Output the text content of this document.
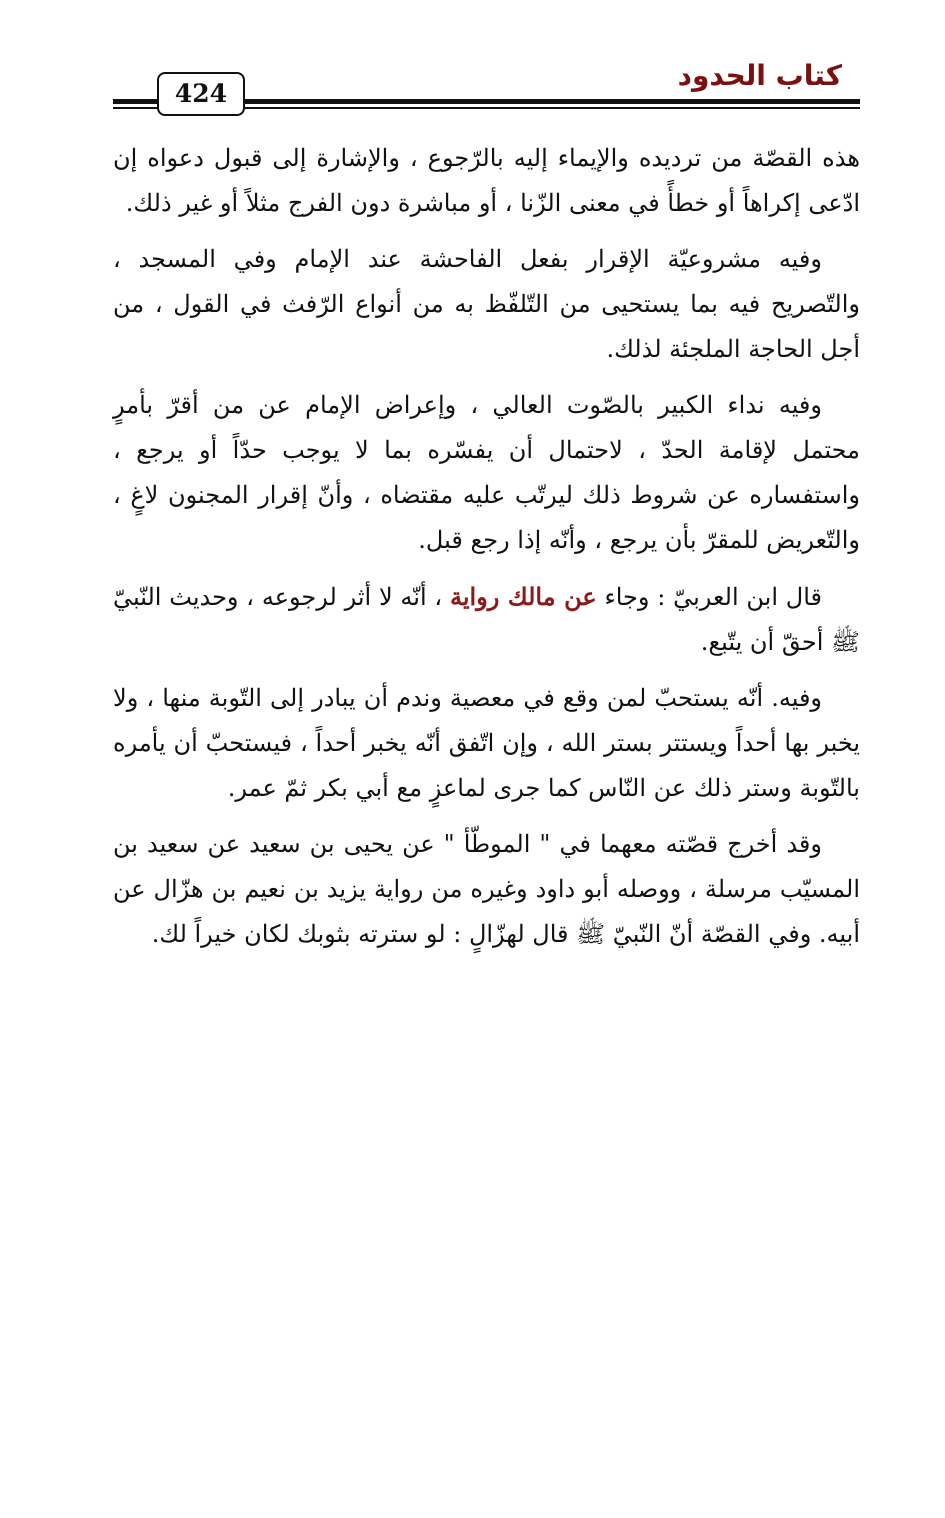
كتاب الحدود
424

هذه القصّة من ترديده والإيماء إليه بالرّجوع ، والإشارة إلى قبول دعواه إن ادّعى إكراهاً أو خطأً في معنى الزّنا ، أو مباشرة دون الفرج مثلاً أو غير ذلك.

وفيه مشروعيّة الإقرار بفعل الفاحشة عند الإمام وفي المسجد ، والتّصريح فيه بما يستحيى من التّلفّظ به من أنواع الرّفث في القول ، من أجل الحاجة الملجئة لذلك.

وفيه نداء الكبير بالصّوت العالي ، وإعراض الإمام عن من أقرّ بأمرٍ محتمل لإقامة الحدّ ، لاحتمال أن يفسّره بما لا يوجب حدّاً أو يرجع ، واستفساره عن شروط ذلك ليرتّب عليه مقتضاه ، وأنّ إقرار المجنون لاغٍ ، والتّعريض للمقرّ بأن يرجع ، وأنّه إذا رجع قبل.

قال ابن العربيّ : وجاء عن مالك رواية ، أنّه لا أثر لرجوعه ، وحديث النّبيّ ﷺ أحقّ أن يتّبع.

وفيه. أنّه يستحبّ لمن وقع في معصية وندم أن يبادر إلى التّوبة منها ، ولا يخبر بها أحداً ويستتر بستر الله ، وإن اتّفق أنّه يخبر أحداً ، فيستحبّ أن يأمره بالتّوبة وستر ذلك عن النّاس كما جرى لماعزٍ مع أبي بكر ثمّ عمر.

وقد أخرج قصّته معهما في " الموطّأ " عن يحيى بن سعيد عن سعيد بن المسيّب مرسلة ، ووصله أبو داود وغيره من رواية يزيد بن نعيم بن هزّال عن أبيه. وفي القصّة أنّ النّبيّ ﷺ قال لهزّالٍ : لو سترته بثوبك لكان خيراً لك.
